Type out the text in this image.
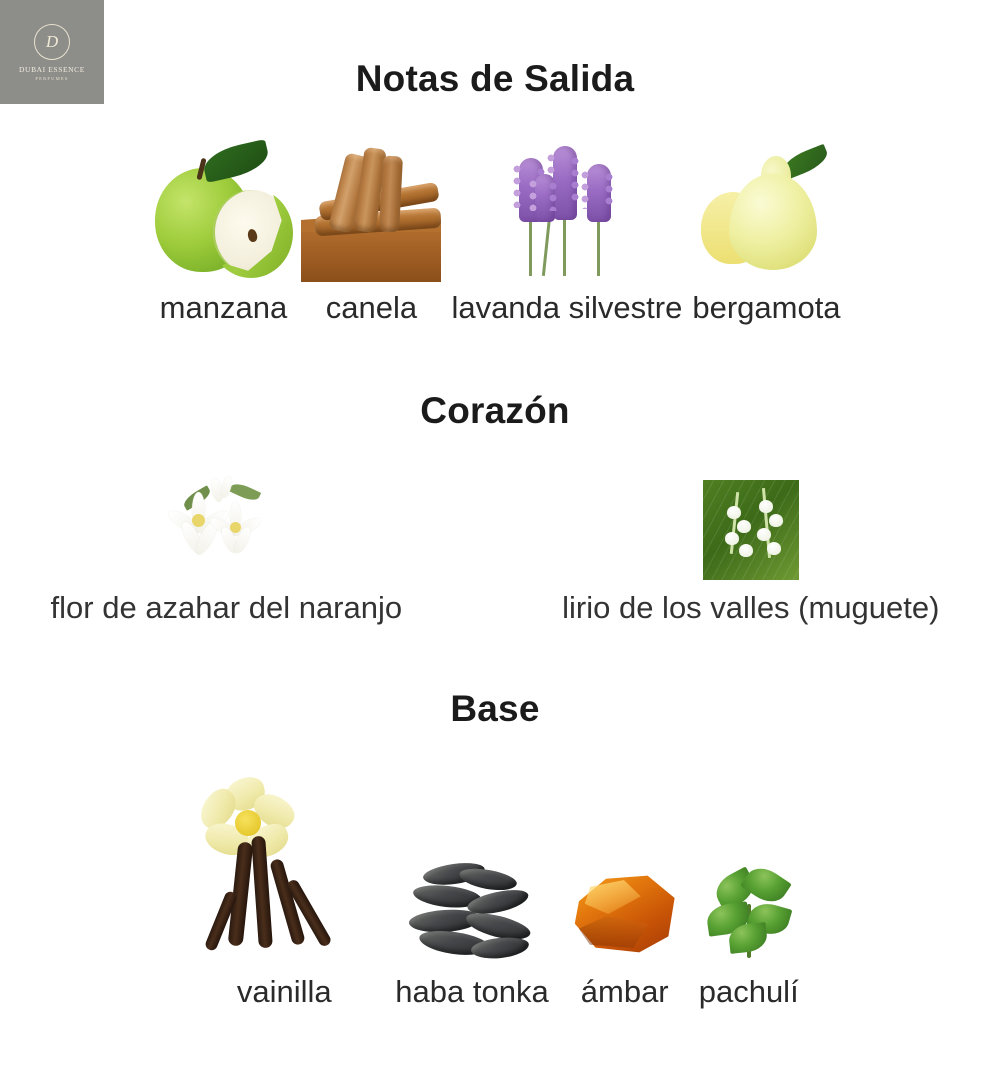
D
DUBAI ESSENCE
PERFUMES	Notas de Salida
manzana canela lavanda silvestre bergamota
Corazón
flor de azahar del naranjo	lirio de los valles (muguete)
Base
vainilla haba tonka ámbar pachulí
